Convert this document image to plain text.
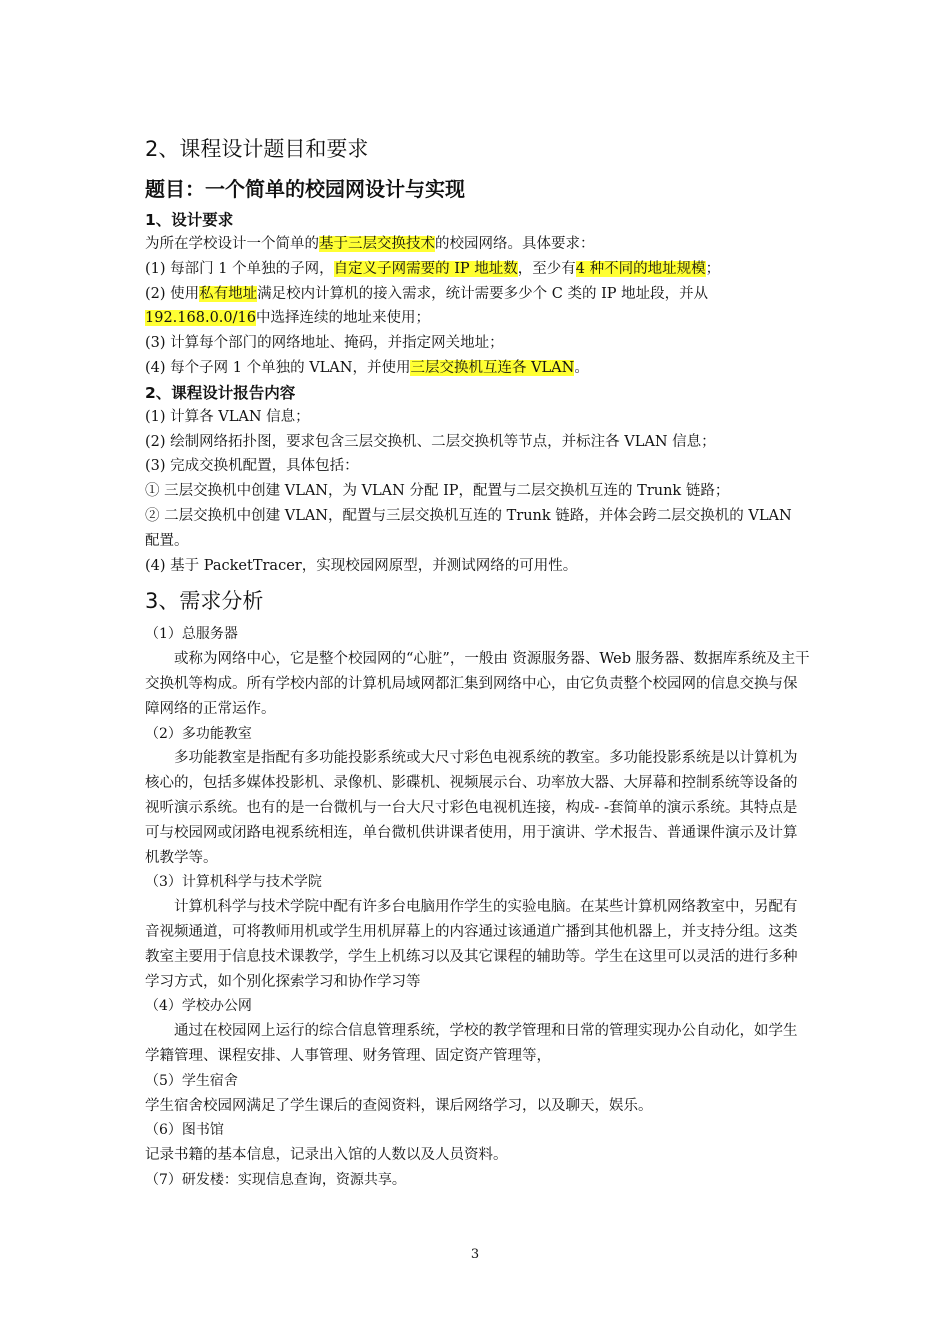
2、课程设计题目和要求
题目：一个简单的校园网设计与实现
1、设计要求

为所在学校设计一个简单的基于三层交换技术的校园网络。具体要求：

(1) 每部门 1 个单独的子网，自定义子网需要的 IP 地址数，至少有4 种不同的地址规模；

(2) 使用私有地址满足校内计算机的接入需求，统计需要多少个 C 类的 IP 地址段，并从192.168.0.0/16中选择连续的地址来使用；

(3) 计算每个部门的网络地址、掩码，并指定网关地址；

(4) 每个子网 1 个单独的 VLAN，并使用三层交换机互连各 VLAN。

2、课程设计报告内容

(1) 计算各 VLAN 信息；

(2) 绘制网络拓扑图，要求包含三层交换机、二层交换机等节点，并标注各 VLAN 信息；

(3) 完成交换机配置，具体包括：

① 三层交换机中创建 VLAN，为 VLAN 分配 IP，配置与二层交换机互连的 Trunk 链路；

② 二层交换机中创建 VLAN，配置与三层交换机互连的 Trunk 链路，并体会跨二层交换机的 VLAN 配置。

(4) 基于 PacketTracer，实现校园网原型，并测试网络的可用性。

3、需求分析

（1）总服务器

或称为网络中心，它是整个校园网的“心脏”，一般由 资源服务器、Web 服务器、数据库系统及主干交换机等构成。所有学校内部的计算机局域网都汇集到网络中心，由它负责整个校园网的信息交换与保障网络的正常运作。

（2）多功能教室

多功能教室是指配有多功能投影系统或大尺寸彩色电视系统的教室。多功能投影系统是以计算机为核心的，包括多媒体投影机、录像机、影碟机、视频展示台、功率放大器、大屏幕和控制系统等设备的视听演示系统。也有的是一台微机与一台大尺寸彩色电视机连接，构成- -套简单的演示系统。其特点是可与校园网或闭路电视系统相连，单台微机供讲课者使用，用于演讲、学术报告、普通课件演示及计算机教学等。

（3）计算机科学与技术学院

计算机科学与技术学院中配有许多台电脑用作学生的实验电脑。在某些计算机网络教室中，另配有音视频通道，可将教师用机或学生用机屏幕上的内容通过该通道广播到其他机器上，并支持分组。这类教室主要用于信息技术课教学，学生上机练习以及其它课程的辅助等。学生在这里可以灵活的进行多种学习方式，如个别化探索学习和协作学习等

（4）学校办公网

通过在校园网上运行的综合信息管理系统，学校的教学管理和日常的管理实现办公自动化，如学生学籍管理、课程安排、人事管理、财务管理、固定资产管理等，

（5）学生宿舍

学生宿舍校园网满足了学生课后的查阅资料，课后网络学习，以及聊天，娱乐。

（6）图书馆

记录书籍的基本信息，记录出入馆的人数以及人员资料。

（7）研发楼：实现信息查询，资源共享。

3
